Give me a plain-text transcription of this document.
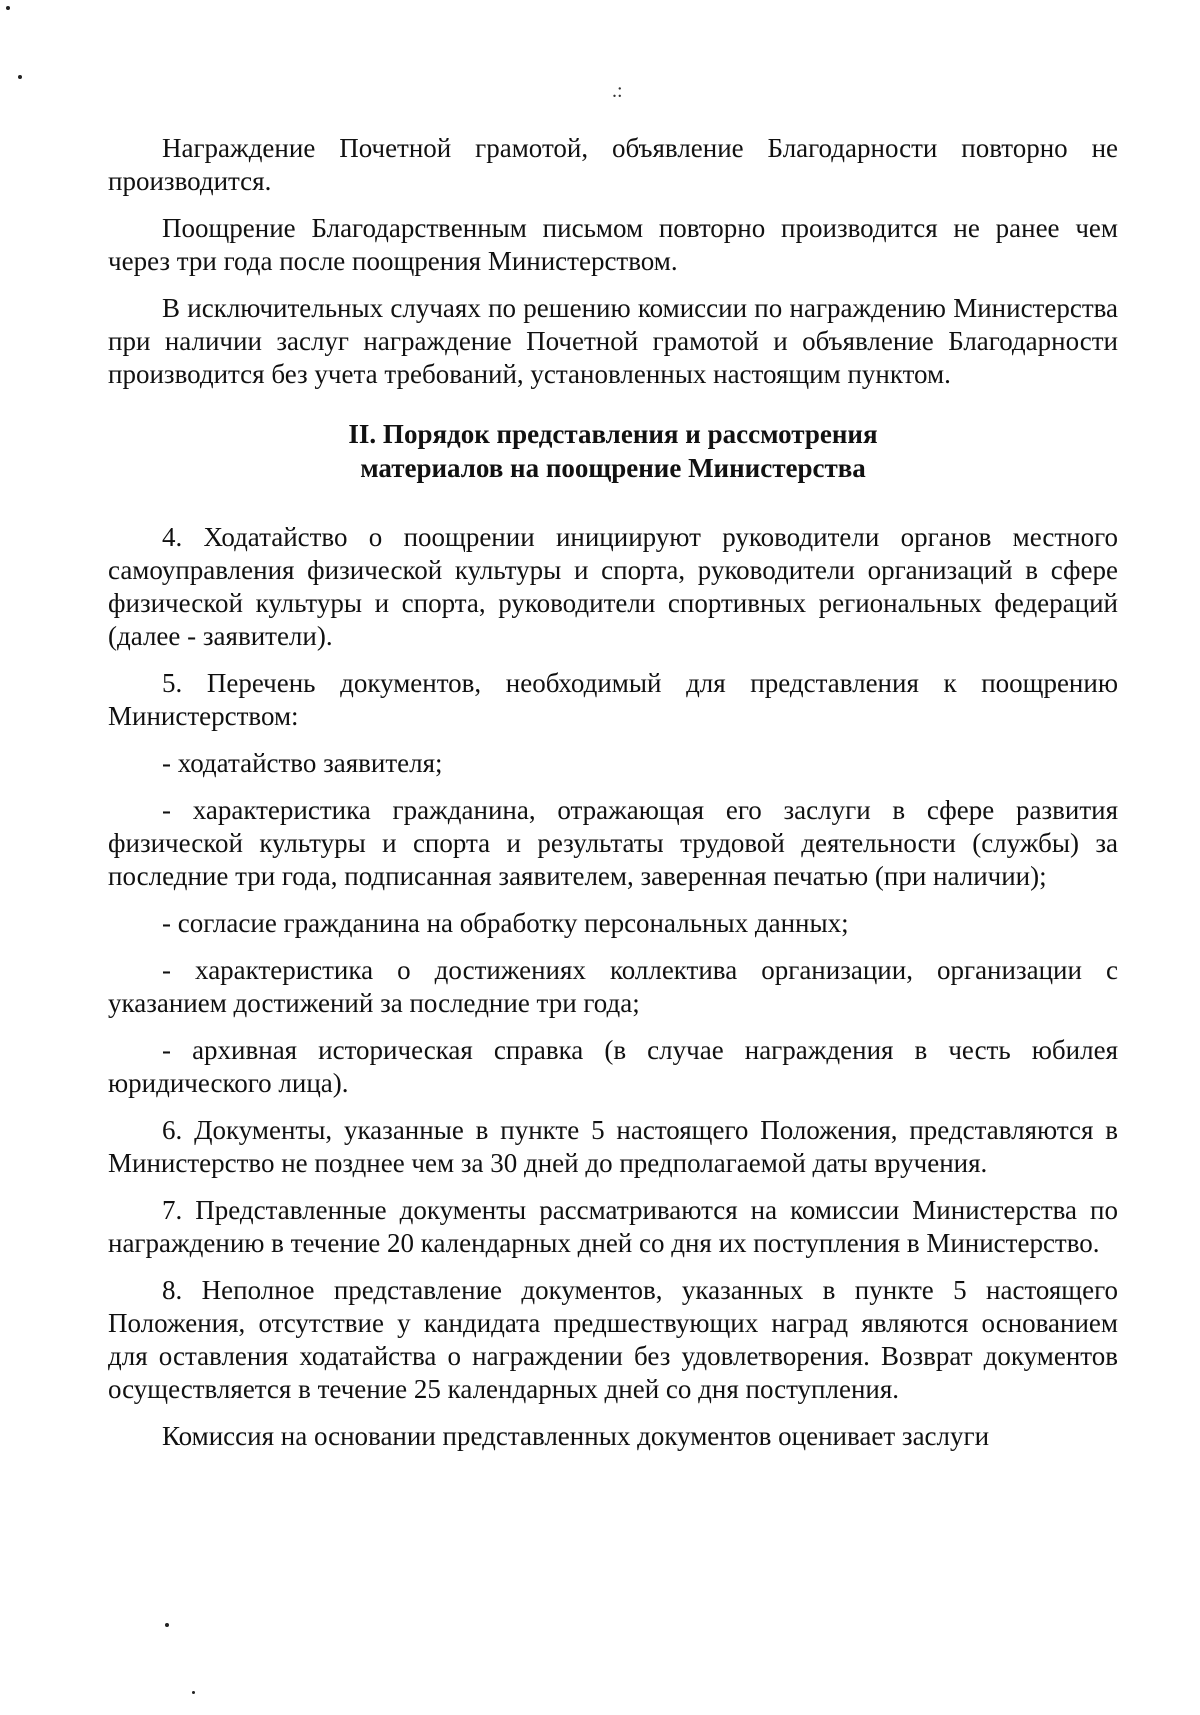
.:

Награждение Почетной грамотой, объявление Благодарности повторно не производится.

Поощрение Благодарственным письмом повторно производится не ранее чем через три года после поощрения Министерством.

В исключительных случаях по решению комиссии по награждению Министерства при наличии заслуг награждение Почетной грамотой и объявление Благодарности производится без учета требований, установленных настоящим пунктом.

II. Порядок представления и рассмотрения
материалов на поощрение Министерства

4. Ходатайство о поощрении инициируют руководители органов местного самоуправления физической культуры и спорта, руководители организаций в сфере физической культуры и спорта, руководители спортивных региональных федераций (далее - заявители).

5. Перечень документов, необходимый для представления к поощрению Министерством:

- ходатайство заявителя;

- характеристика гражданина, отражающая его заслуги в сфере развития физической культуры и спорта и результаты трудовой деятельности (службы) за последние три года, подписанная заявителем, заверенная печатью (при наличии);

- согласие гражданина на обработку персональных данных;

- характеристика о достижениях коллектива организации, организации с указанием достижений за последние три года;

- архивная историческая справка (в случае награждения в честь юбилея юридического лица).

6. Документы, указанные в пункте 5 настоящего Положения, представляются в Министерство не позднее чем за 30 дней до предполагаемой даты вручения.

7. Представленные документы рассматриваются на комиссии Министерства по награждению в течение 20 календарных дней со дня их поступления в Министерство.

8. Неполное представление документов, указанных в пункте 5 настоящего Положения, отсутствие у кандидата предшествующих наград являются основанием для оставления ходатайства о награждении без удовлетворения. Возврат документов осуществляется в течение 25 календарных дней со дня поступления.

Комиссия на основании представленных документов оценивает заслуги
